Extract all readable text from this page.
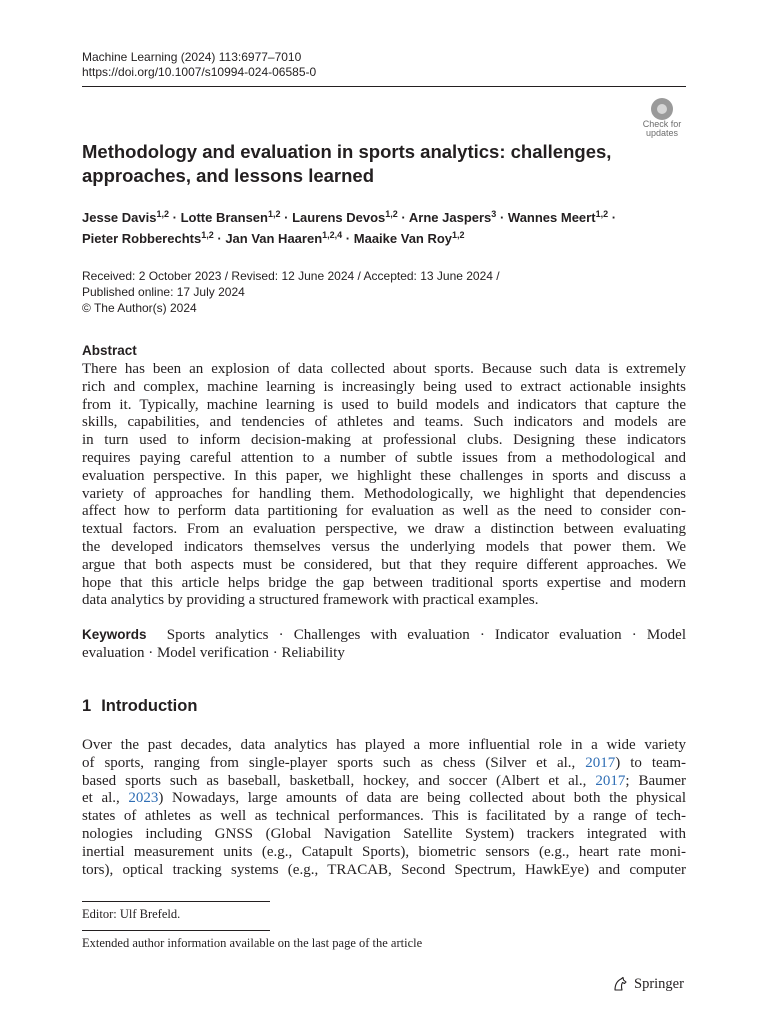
Machine Learning (2024) 113:6977–7010
https://doi.org/10.1007/s10994-024-06585-0
Check for
updates
Methodology and evaluation in sports analytics: challenges, approaches, and lessons learned
Jesse Davis$^{1,2}$ · Lotte Bransen$^{1,2}$ · Laurens Devos$^{1,2}$ · Arne Jaspers$^3$ · Wannes Meert$^{1,2}$ ·
Pieter Robberechts$^{1,2}$ · Jan Van Haaren$^{1,2,4}$ · Maaike Van Roy$^{1,2}$
Received: 2 October 2023 / Revised: 12 June 2024 / Accepted: 13 June 2024 /
Published online: 17 July 2024
© The Author(s) 2024
Abstract
There has been an explosion of data collected about sports. Because such data is extremely
rich and complex, machine learning is increasingly being used to extract actionable insights
from it. Typically, machine learning is used to build models and indicators that capture the
skills, capabilities, and tendencies of athletes and teams. Such indicators and models are
in turn used to inform decision-making at professional clubs. Designing these indicators
requires paying careful attention to a number of subtle issues from a methodological and
evaluation perspective. In this paper, we highlight these challenges in sports and discuss a
variety of approaches for handling them. Methodologically, we highlight that dependencies
affect how to perform data partitioning for evaluation as well as the need to consider con-
textual factors. From an evaluation perspective, we draw a distinction between evaluating
the developed indicators themselves versus the underlying models that power them. We
argue that both aspects must be considered, but that they require different approaches. We
hope that this article helps bridge the gap between traditional sports expertise and modern
data analytics by providing a structured framework with practical examples.
Keywords Sports analytics · Challenges with evaluation · Indicator evaluation · Model
evaluation · Model verification · Reliability
1 Introduction
Over the past decades, data analytics has played a more influential role in a wide variety
of sports, ranging from single-player sports such as chess (Silver et al., 2017) to team-
based sports such as baseball, basketball, hockey, and soccer (Albert et al., 2017; Baumer
et al., 2023) Nowadays, large amounts of data are being collected about both the physical
states of athletes as well as technical performances. This is facilitated by a range of tech-
nologies including GNSS (Global Navigation Satellite System) trackers integrated with
inertial measurement units (e.g., Catapult Sports), biometric sensors (e.g., heart rate moni-
tors), optical tracking systems (e.g., TRACAB, Second Spectrum, HawkEye) and computer
Editor: Ulf Brefeld.
Extended author information available on the last page of the article
Springer
